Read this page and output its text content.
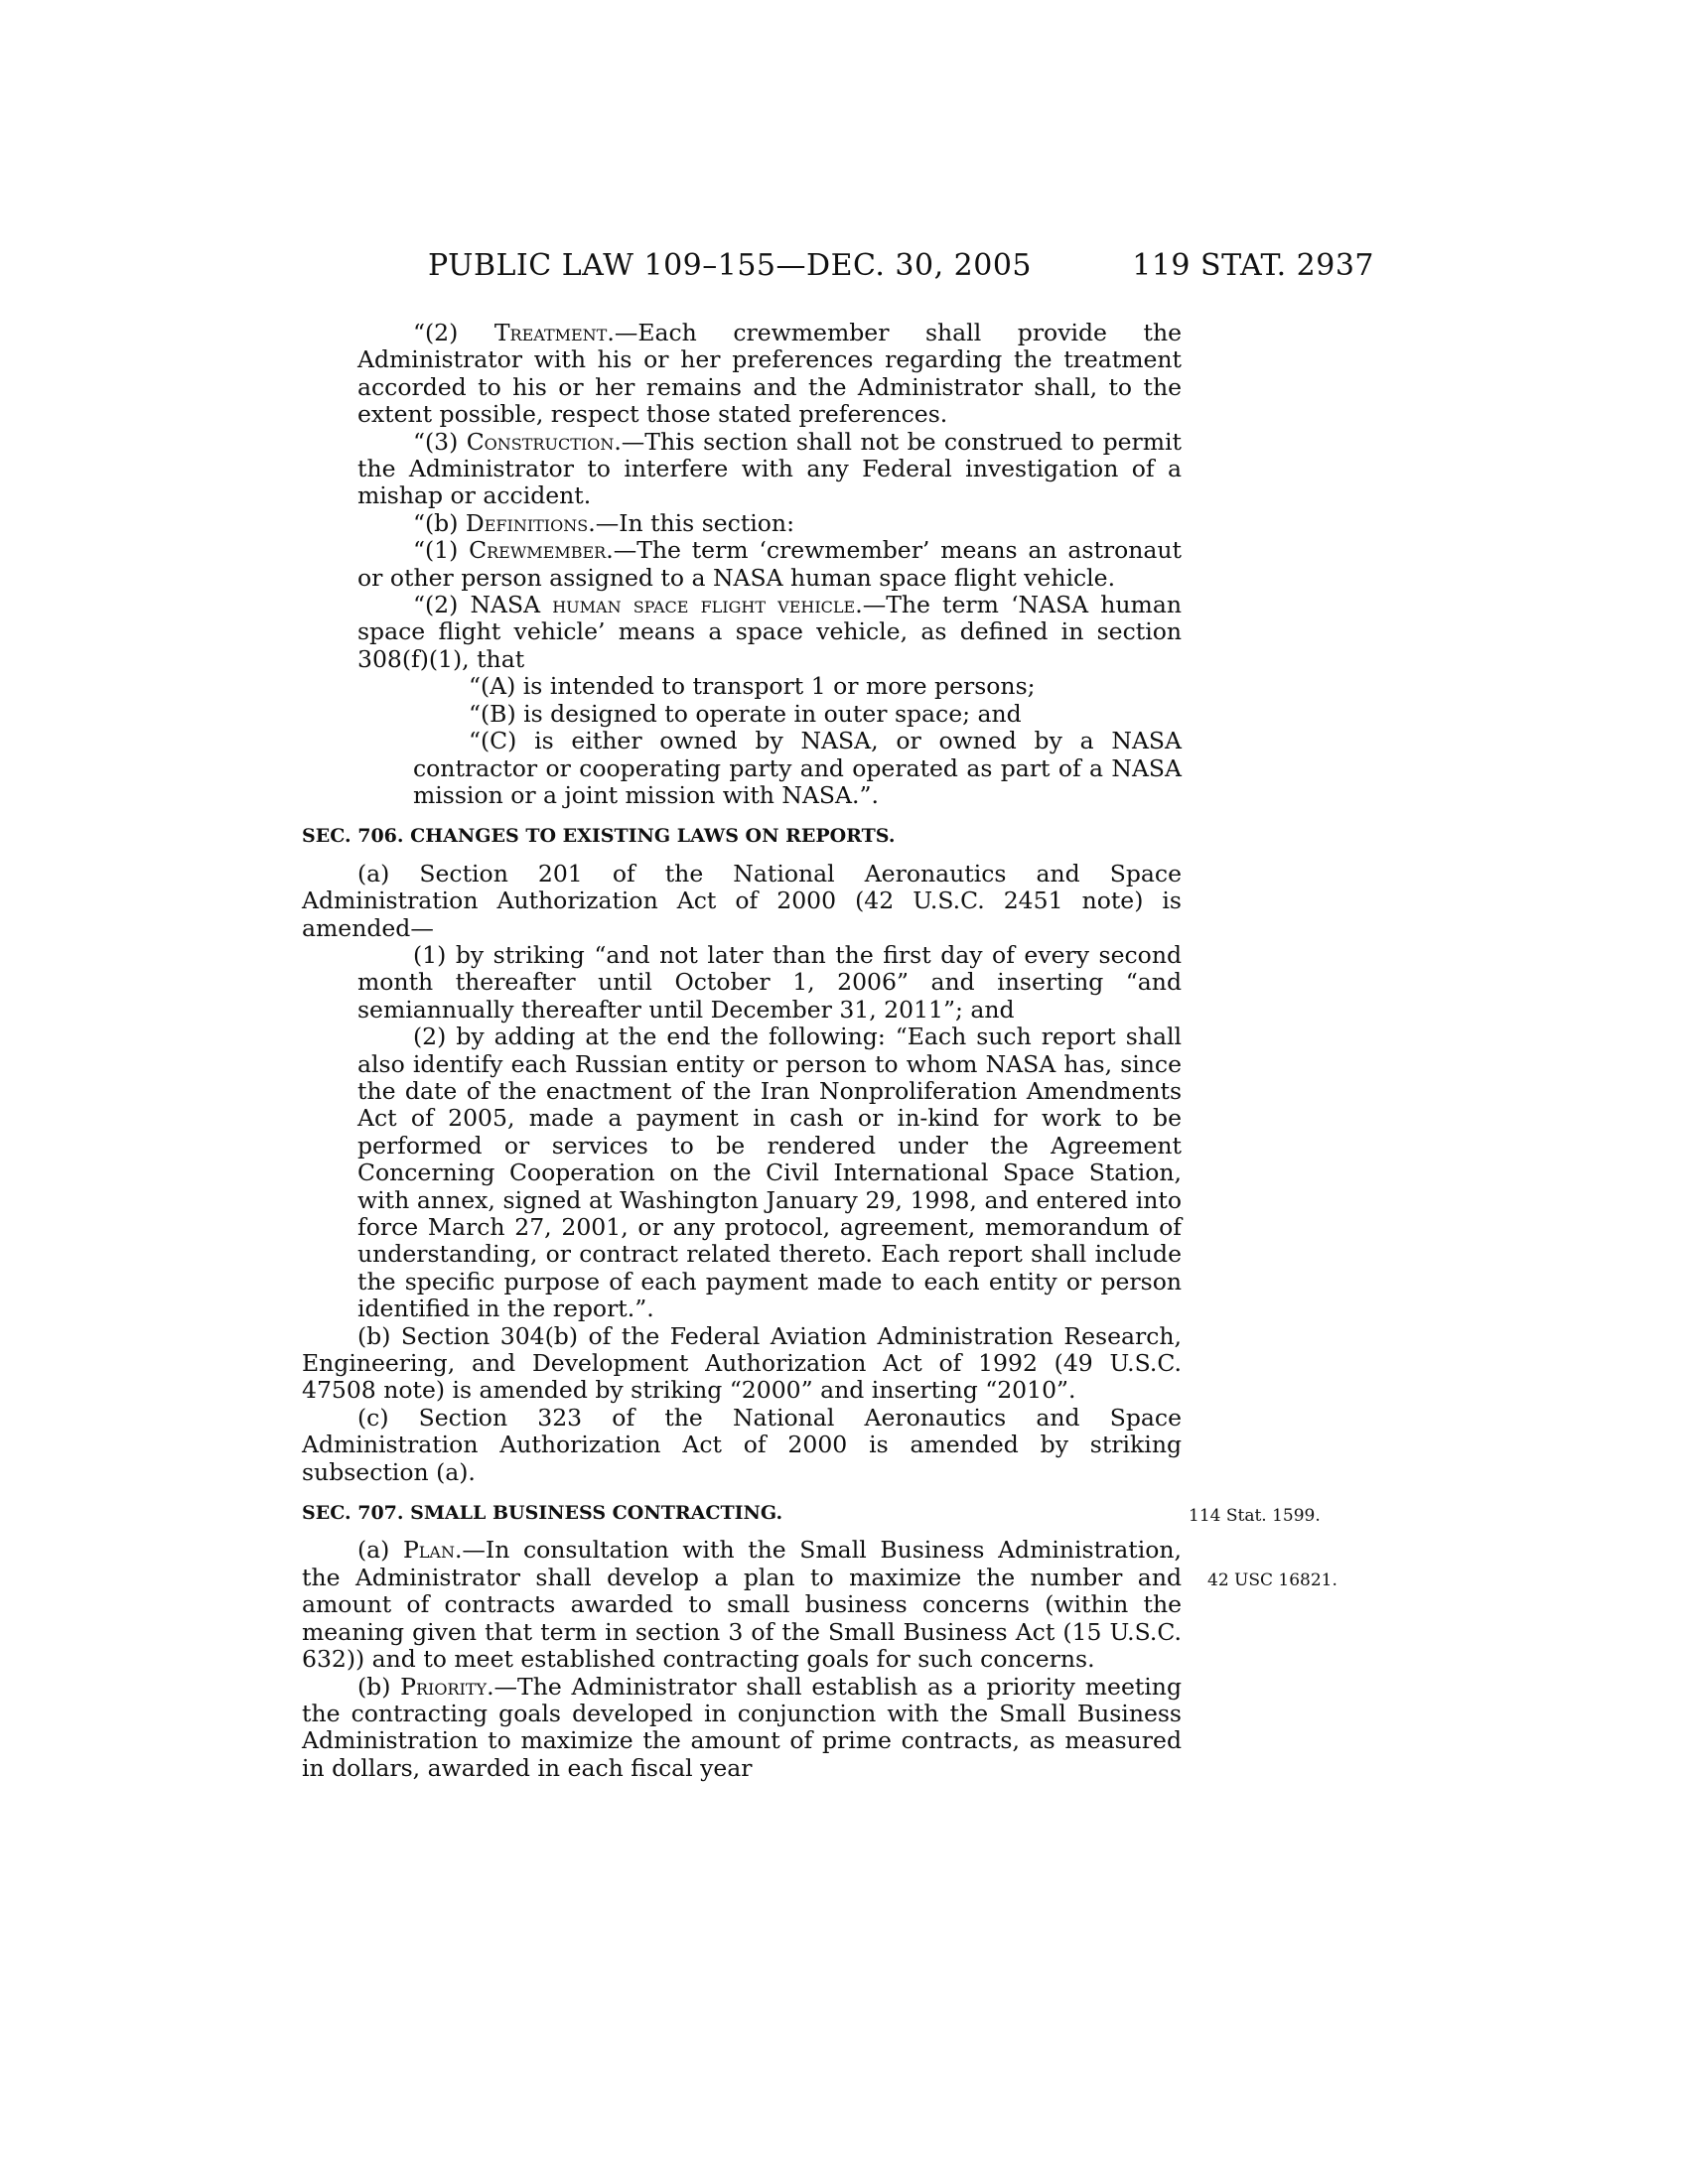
PUBLIC LAW 109–155—DEC. 30, 2005	119 STAT. 2937

“(2) Treatment.—Each crewmember shall provide the Administrator with his or her preferences regarding the treatment accorded to his or her remains and the Administrator shall, to the extent possible, respect those stated preferences.

“(3) Construction.—This section shall not be construed to permit the Administrator to interfere with any Federal investigation of a mishap or accident.

“(b) Definitions.—In this section:

“(1) Crewmember.—The term ‘crewmember’ means an astronaut or other person assigned to a NASA human space flight vehicle.

“(2) NASA human space flight vehicle.—The term ‘NASA human space flight vehicle’ means a space vehicle, as defined in section 308(f)(1), that

“(A) is intended to transport 1 or more persons;

“(B) is designed to operate in outer space; and

“(C) is either owned by NASA, or owned by a NASA contractor or cooperating party and operated as part of a NASA mission or a joint mission with NASA.”.

SEC. 706. CHANGES TO EXISTING LAWS ON REPORTS.

(a) Section 201 of the National Aeronautics and Space Administration Authorization Act of 2000 (42 U.S.C. 2451 note) is amended—

(1) by striking “and not later than the first day of every second month thereafter until October 1, 2006” and inserting “and semiannually thereafter until December 31, 2011”; and

(2) by adding at the end the following: “Each such report shall also identify each Russian entity or person to whom NASA has, since the date of the enactment of the Iran Nonproliferation Amendments Act of 2005, made a payment in cash or in-kind for work to be performed or services to be rendered under the Agreement Concerning Cooperation on the Civil International Space Station, with annex, signed at Washington January 29, 1998, and entered into force March 27, 2001, or any protocol, agreement, memorandum of understanding, or contract related thereto. Each report shall include the specific purpose of each payment made to each entity or person identified in the report.”.

(b) Section 304(b) of the Federal Aviation Administration Research, Engineering, and Development Authorization Act of 1992 (49 U.S.C. 47508 note) is amended by striking “2000” and inserting “2010”.

(c) Section 323 of the National Aeronautics and Space Administration Authorization Act of 2000 is amended by striking subsection (a).

SEC. 707. SMALL BUSINESS CONTRACTING.

(a) Plan.—In consultation with the Small Business Administration, the Administrator shall develop a plan to maximize the number and amount of contracts awarded to small business concerns (within the meaning given that term in section 3 of the Small Business Act (15 U.S.C. 632)) and to meet established contracting goals for such concerns.

(b) Priority.—The Administrator shall establish as a priority meeting the contracting goals developed in conjunction with the Small Business Administration to maximize the amount of prime contracts, as measured in dollars, awarded in each fiscal year

114 Stat. 1599.
42 USC 16821.
